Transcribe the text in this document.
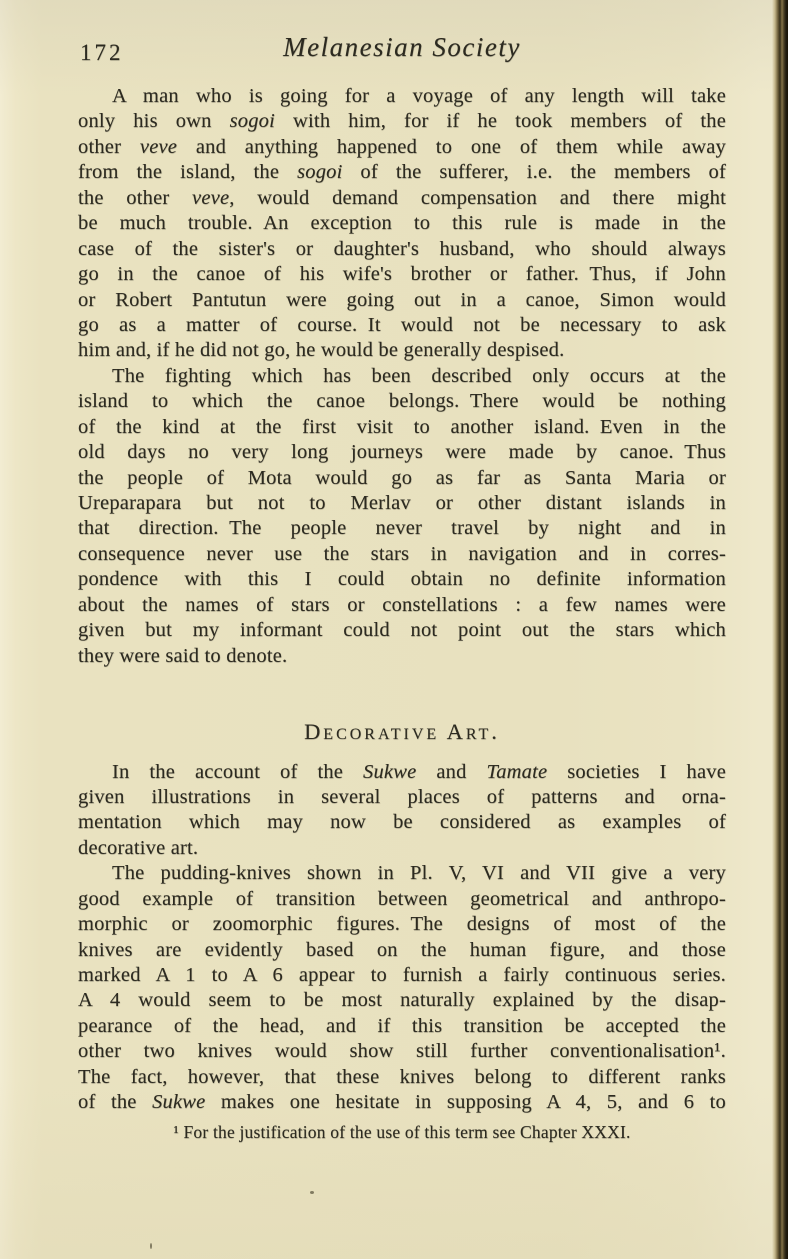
172	Melanesian Society
A man who is going for a voyage of any length will take
only his own sogoi with him, for if he took members of the
other veve and anything happened to one of them while away
from the island, the sogoi of the sufferer, i.e. the members of
the other veve, would demand compensation and there might
be much trouble. An exception to this rule is made in the
case of the sister's or daughter's husband, who should always
go in the canoe of his wife's brother or father. Thus, if John
or Robert Pantutun were going out in a canoe, Simon would
go as a matter of course. It would not be necessary to ask
him and, if he did not go, he would be generally despised.
The fighting which has been described only occurs at the
island to which the canoe belongs. There would be nothing
of the kind at the first visit to another island. Even in the
old days no very long journeys were made by canoe. Thus
the people of Mota would go as far as Santa Maria or
Ureparapara but not to Merlav or other distant islands in
that direction. The people never travel by night and in
consequence never use the stars in navigation and in corres-
pondence with this I could obtain no definite information
about the names of stars or constellations : a few names were
given but my informant could not point out the stars which
they were said to denote.
Decorative Art.
In the account of the Sukwe and Tamate societies I have
given illustrations in several places of patterns and orna-
mentation which may now be considered as examples of
decorative art.
The pudding-knives shown in Pl. V, VI and VII give a very
good example of transition between geometrical and anthropo-
morphic or zoomorphic figures. The designs of most of the
knives are evidently based on the human figure, and those
marked A 1 to A 6 appear to furnish a fairly continuous series.
A 4 would seem to be most naturally explained by the disap-
pearance of the head, and if this transition be accepted the
other two knives would show still further conventionalisation¹.
The fact, however, that these knives belong to different ranks
of the Sukwe makes one hesitate in supposing A 4, 5, and 6 to
¹ For the justification of the use of this term see Chapter XXXI.
